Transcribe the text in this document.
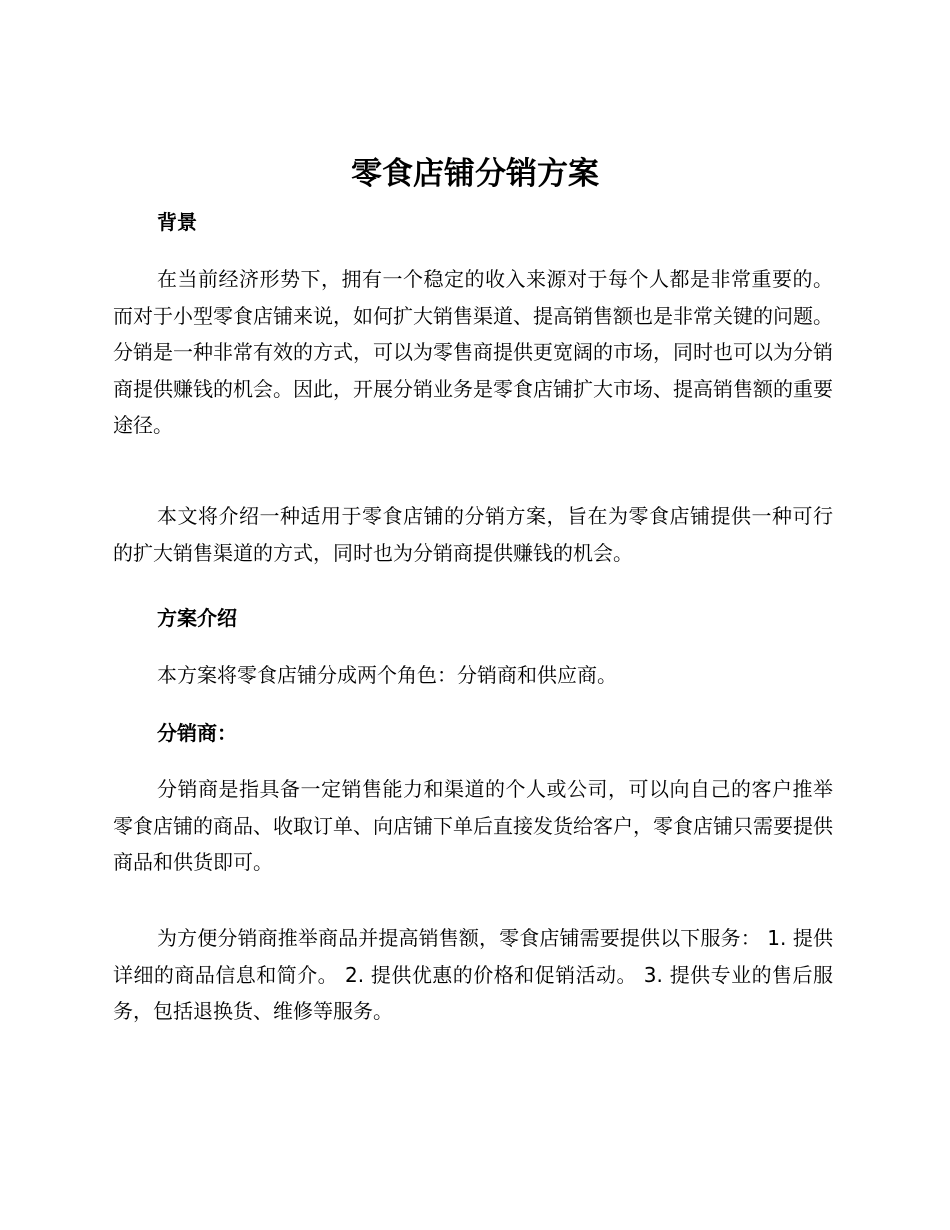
零食店铺分销方案
背景

在当前经济形势下，拥有一个稳定的收入来源对于每个人都是非常重要的。而对于小型零食店铺来说，如何扩大销售渠道、提高销售额也是非常关键的问题。分销是一种非常有效的方式，可以为零售商提供更宽阔的市场，同时也可以为分销商提供赚钱的机会。因此，开展分销业务是零食店铺扩大市场、提高销售额的重要途径。

本文将介绍一种适用于零食店铺的分销方案，旨在为零食店铺提供一种可行的扩大销售渠道的方式，同时也为分销商提供赚钱的机会。

方案介绍

本方案将零食店铺分成两个角色：分销商和供应商。

分销商：

分销商是指具备一定销售能力和渠道的个人或公司，可以向自己的客户推举零食店铺的商品、收取订单、向店铺下单后直接发货给客户，零食店铺只需要提供商品和供货即可。

为方便分销商推举商品并提高销售额，零食店铺需要提供以下服务： 1. 提供详细的商品信息和简介。 2. 提供优惠的价格和促销活动。 3. 提供专业的售后服务，包括退换货、维修等服务。
